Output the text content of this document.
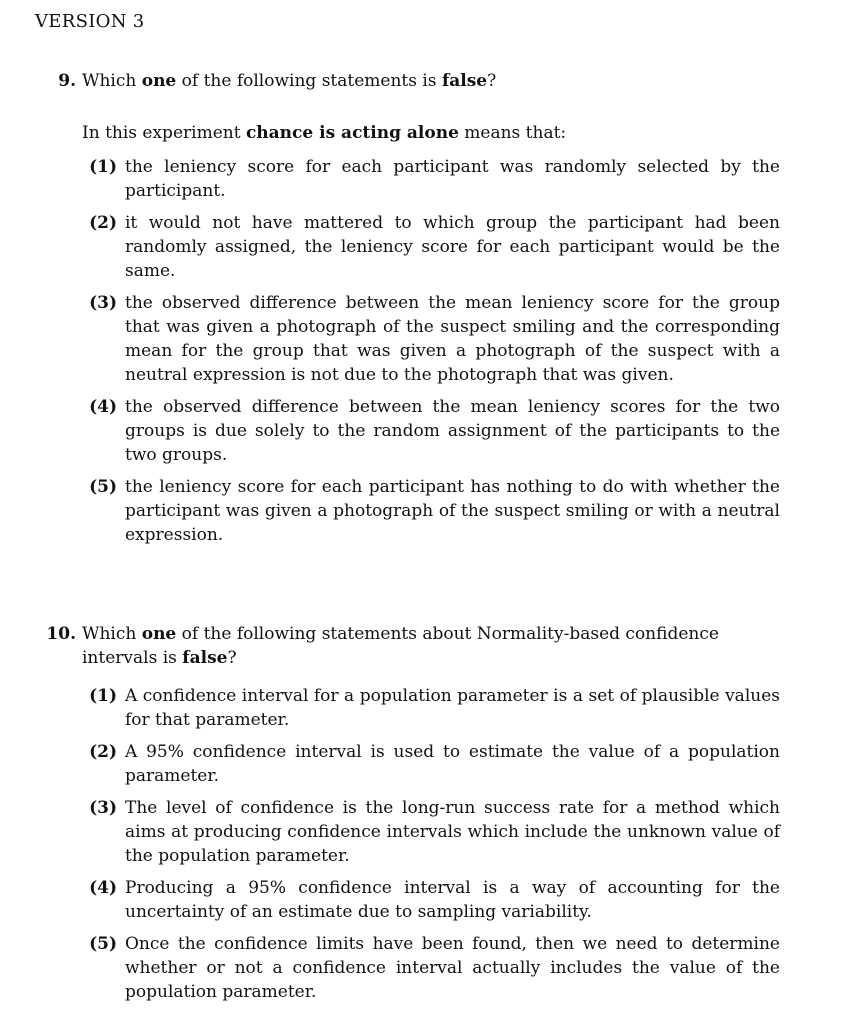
VERSION 3
9. Which one of the following statements is false?
In this experiment chance is acting alone means that:
(1) the leniency score for each participant was randomly selected by the participant.
(2) it would not have mattered to which group the participant had been randomly assigned, the leniency score for each participant would be the same.
(3) the observed difference between the mean leniency score for the group that was given a photograph of the suspect smiling and the corresponding mean for the group that was given a photograph of the suspect with a neutral expression is not due to the photograph that was given.
(4) the observed difference between the mean leniency scores for the two groups is due solely to the random assignment of the participants to the two groups.
(5) the leniency score for each participant has nothing to do with whether the participant was given a photograph of the suspect smiling or with a neutral expression.
10. Which one of the following statements about Normality-based confidence intervals is false?
(1) A confidence interval for a population parameter is a set of plausible values for that parameter.
(2) A 95% confidence interval is used to estimate the value of a population parameter.
(3) The level of confidence is the long-run success rate for a method which aims at producing confidence intervals which include the unknown value of the population parameter.
(4) Producing a 95% confidence interval is a way of accounting for the uncertainty of an estimate due to sampling variability.
(5) Once the confidence limits have been found, then we need to determine whether or not a confidence interval actually includes the value of the population parameter.
